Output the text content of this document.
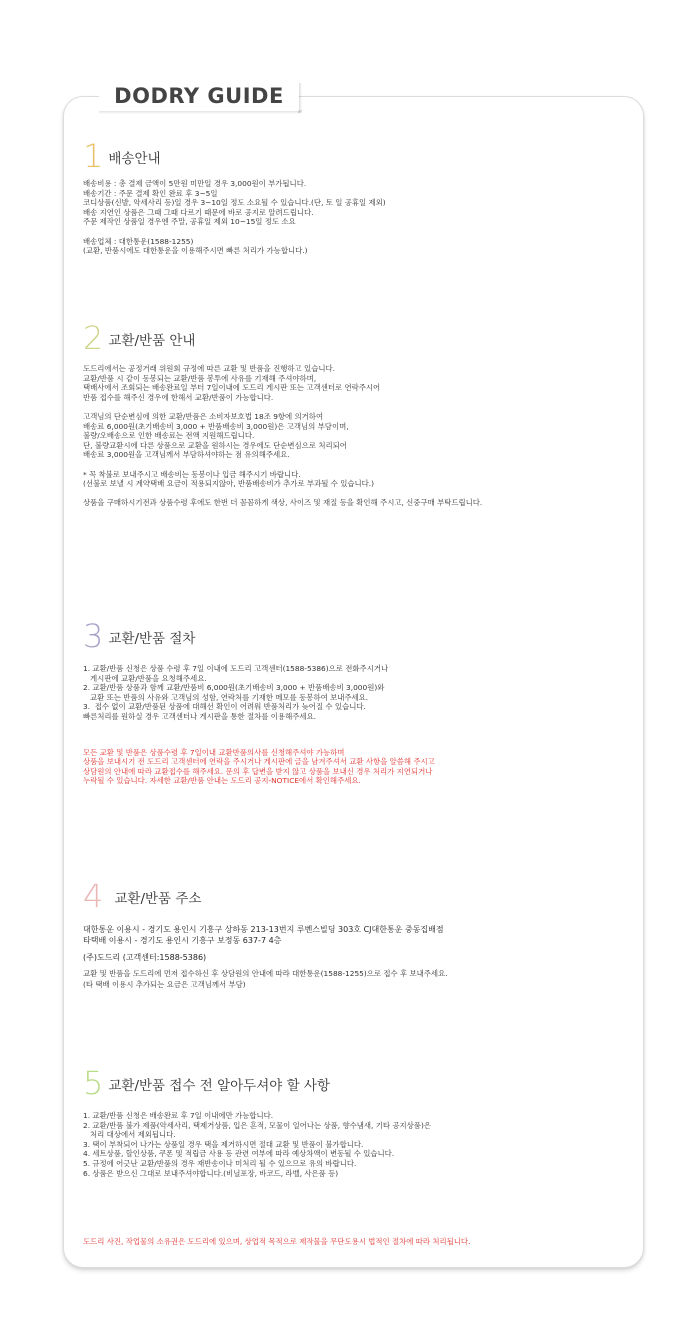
DODRY GUIDE
1 배송안내

배송비용 : 총 결제 금액이 5만원 미만일 경우 3,000원이 부가됩니다.

배송기간 : 주문 결제 확인 완료 후 3~5일

코디상품(신발, 악세사리 등)일 경우 3~10일 정도 소요될 수 있습니다.(단, 토 일 공휴일 제외)

배송 지연인 상품은 그때 그때 다르기 때문에 바로 공지로 알려드립니다.

주문 제작인 상품일 경우엔 주말, 공휴일 제외 10~15일 정도 소요

배송업체 : 대한통운(1588-1255)

(교환, 반품시에도 대한통운을 이용해주시면 빠른 처리가 가능합니다.)

2 교환/반품 안내

도드리에서는 공정거래 위원회 규정에 따른 교환 및 반품을 진행하고 있습니다.

교환/반품 시 같이 동봉되는 교환/반품 봉투에 사유를 기재해 주셔야하며,

택배사에서 조회되는 배송완료일 부터 7일이내에 도드리 게시판 또는 고객센터로 연락주시어

반품 접수를 해주신 경우에 한해서 교환/반품이 가능합니다.

고객님의 단순변심에 의한 교환/반품은 소비자보호법 18조 9항에 의거하여

배송료 6,000원(초기배송비 3,000 + 반품배송비 3,000원)은 고객님의 부담이며,

불량/오배송으로 인한 배송료는 전액 지원해드립니다.

단, 불량교환시에 다른 상품으로 교환을 원하시는 경우에도 단순변심으로 처리되어

배송료 3,000원을 고객님께서 부담하셔야하는 점 유의해주세요.

* 꼭 착불로 보내주시고 배송비는 동봉이나 입금 해주시기 바랍니다.

(선불로 보낼 시 계약택배 요금이 적용되지않아, 반품배송비가 추가로 부과될 수 있습니다.)

상품을 구매하시기전과 상품수령 후에도 한번 더 꼼꼼하게 색상, 사이즈 및 재질 등을 확인해 주시고, 신중구매 부탁드립니다.

3 교환/반품 절차

1. 교환/반품 신청은 상품 수령 후 7일 이내에 도드리 고객센터(1588-5386)으로 전화주시거나

게시판에 교환/반품을 요청해주세요.

2. 교환/반품 상품과 함께 교환/반품비 6,000원(초기배송비 3,000 + 반품배송비 3,000원)와

교환 또는 반품의 사유와 고객님의 성함, 연락처를 기재한 메모를 동봉하여 보내주세요.

3.  접수 없이 교환/반품된 상품에 대해선 확인이 어려워 반품처리가 늦어질 수 있습니다.

빠른처리를 원하실 경우 고객센터나 게시판을 통한 절차를 이용해주세요.

모든 교환 및 반품은 상품수령 후 7일이내 교환반품의사를 신청해주셔야 가능하며

상품을 보내시기 전 도드리 고객센터에 연락을 주시거나 게시판에 글을 남겨주셔서 교환 사항을 알씀해 주시고

상담원의 안내에 따라 교환접수를 해주세요. 문의 후 답변을 받지 않고 상품을 보내신 경우 처리가 지연되거나

누락될 수 있습니다. 자세한 교환/반품 안내는 도드리 공지-NOTICE에서 확인해주세요.

4 교환/반품 주소

대한통운 이용시 - 경기도 용인시 기흥구 상하동 213-13번지 루벤스빌딩 303호 CJ대한통운 중동집배점

타택배 이용시 - 경기도 용인시 기흥구 보정동 637-7 4층

(주)도드리 (고객센터:1588-5386)

교환 및 반품을 도드리에 먼저 접수하신 후 상담원의 안내에 따라 대한통운(1588-1255)으로 접수 후 보내주세요.

(타 택배 이용시 추가되는 요금은 고객님께서 부담)

5 교환/반품 접수 전 알아두셔야 할 사항

1. 교환/반품 신청은 배송완료 후 7일 이내에만 가능합니다.

2. 교환/반품 불가 제품(악세사리, 택제거상품, 입은 흔적, 모물이 일어나는 상품, 향수냄새, 기타 공지상품)은

처리 대상에서 제외됩니다.

3. 택이 부착되어 나가는 상품일 경우 택을 제거하시면 절대 교환 및 반품이 불가합니다.

4. 세트상품, 할인상품, 쿠폰 및 적립금 사용 등 관련 여부에 따라 예상차액이 변동될 수 있습니다.

5. 규정에 어긋난 교환/반품의 경우 재반송이나 미처리 될 수 있으므로 유의 바랍니다.

6. 상품은 받으신 그대로 보내주셔야합니다.(비닐포장, 바코드, 라벨, 사은품 등)

도드리 사진, 작업물의 소유권은 도드리에 있으며, 상업적 목적으로 제작물을 무단도용시 법적인 절차에 따라 처리됩니다.
